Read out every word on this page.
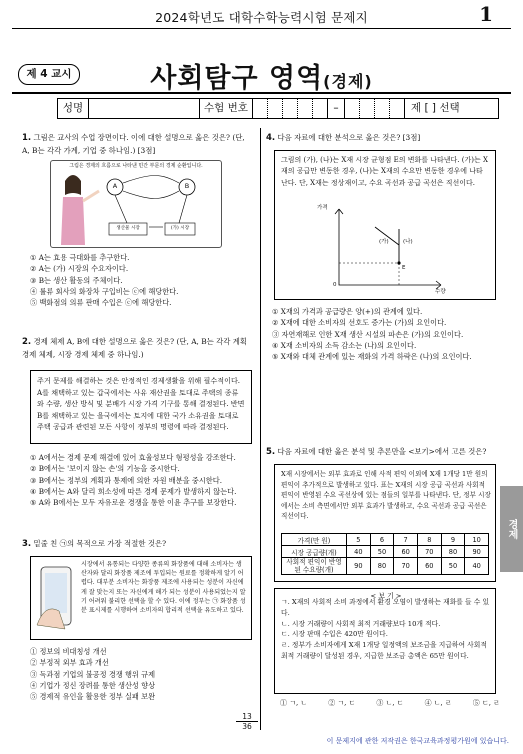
2024학년도 대학수학능력시험 문제지	1
제 4 교시	사회탐구 영역(경제)
성명	수험 번호	–	제 [ ] 선택
1. 그림은 교사의 수업 장면이다. 이에 대한 설명으로 옳은 것은? (단, A, B는 각각 가계, 기업 중 하나임.) [3점]
그림은 경제의 흐름으로 나타낸 민간 부문의 경제 순환입니다.
A	B
생산물 시장	(가) 시장
① A는 효용 극대화를 추구한다.
② A는 (가) 시장의 수요자이다.
③ B는 생산 활동의 주체이다.
④ 률류 회사의 화장차 구입비는 ⓒ에 해당한다.
⑤ 백화점의 의류 판매 수입은 ⓒ에 해당한다.
2. 경제 체제 A, B에 대한 설명으로 옳은 것은? (단, A, B는 각각 계획 경제 체제, 시장 경제 체제 중 하나임.)
주거 문제를 해결하는 것은 안정적인 경제생활을 위해 필수적이다. A를 채택하고 있는 갑국에서는 사유 재산권을 토대로 주택의 종류와 수량, 생산 방식 및 분배가 시장 가격 기구를 통해 결정된다. 반면 B를 채택하고 있는 을국에서는 토지에 대한 국가 소유권을 토대로 주택 공급과 관련된 모든 사항이 정부의 명령에 따라 결정된다.
① A에서는 경제 문제 해결에 있어 효율성보다 형평성을 강조한다.
② B에서는 '보이지 않는 손'의 기능을 중시한다.
③ B에서는 정부의 계획과 통제에 의한 자원 배분을 중시한다.
④ B에서는 A와 달리 희소성에 따른 경제 문제가 발생하지 않는다.
⑤ A와 B에서는 모두 자유로운 경쟁을 통한 이윤 추구를 보장한다.
3. 밑줄 친 ㉠의 목적으로 가장 적절한 것은?
시장에서 유통되는 다양한 종류의 화장품에 대해 소비자는 생산자와 달리 화장품 제조에 투입되는 원료를 정확하게 알기 어렵다. 대부분 소비자는 화장품 제조에 사용되는 성분이 자신에게 잘 맞는지 또는 자신에게 해가 되는 성분이 사용되었는지 알기 어려워 불리한 선택을 할 수 있다. 이에 정부는 ㉠ 화장품 성분 표시제를 시행하여 소비자의 합리적 선택을 유도하고 있다.
① 정보의 비대칭성 개선
② 부정적 외부 효과 개선
③ 독과점 기업의 불공정 경쟁 행위 규제
④ 기업가 정신 장려를 통한 생산성 향상
⑤ 경제적 유인을 활용한 정부 실패 보완
4. 다음 자료에 대한 분석으로 옳은 것은? [3점]
그림의 (가), (나)는 X재 시장 균형점 E의 변화를 나타낸다. (가)는 X재의 공급만 변동한 경우, (나)는 X재의 수요만 변동한 경우에 나타난다. 단, X재는 정상재이고, 수요 곡선과 공급 곡선은 직선이다.
가격
수량
0
(가)	(나)
E
① X재의 가격과 공급량은 양(+)의 관계에 있다.
② X재에 대한 소비자의 선호도 증가는 (가)의 요인이다.
③ 자연재해로 인한 X재 생산 시설의 파손은 (가)의 요인이다.
④ X재 소비자의 소득 감소는 (나)의 요인이다.
⑤ X재와 대체 관계에 있는 재화의 가격 하락은 (나)의 요인이다.
5. 다음 자료에 대한 옳은 분석 및 추론만을 <보기>에서 고른 것은?
X재 시장에서는 외부 효과로 인해 사적 편익 이외에 X재 1개당 1만 원의 편익이 추가적으로 발생하고 있다. 표는 X재의 시장 공급 곡선과 사회적 편익이 반영된 수요 곡선상에 있는 점들의 일부를 나타낸다. 단, 정부 시장에서는 소비 측면에서만 외부 효과가 발생하고, 수요 곡선과 공급 곡선은 직선이다.
가격(만 원)	5	6	7	8	9	10
시장 공급량(개)	40	50	60	70	80	90
사회적 편익이 반영된 수요량(개)	90	80	70	60	50	40
< 보 기 >
ㄱ. X재의 사회적 소비 과정에서 환경 오염이 발생하는 재화를 들 수 있다.
ㄴ. 시장 거래량이 사회적 최적 거래량보다 10개 적다.
ㄷ. 시장 판매 수입은 420만 원이다.
ㄹ. 정부가 소비자에게 X재 1개당 일정액의 보조금을 지급하여 사회적 최적 거래량이 달성된 경우, 지급한 보조금 총액은 65만 원이다.
① ㄱ, ㄴ	② ㄱ, ㄷ	③ ㄴ, ㄷ	④ ㄴ, ㄹ	⑤ ㄷ, ㄹ
경제
13
36
이 문제지에 관한 저작권은 한국교육과정평가원에 있습니다.
